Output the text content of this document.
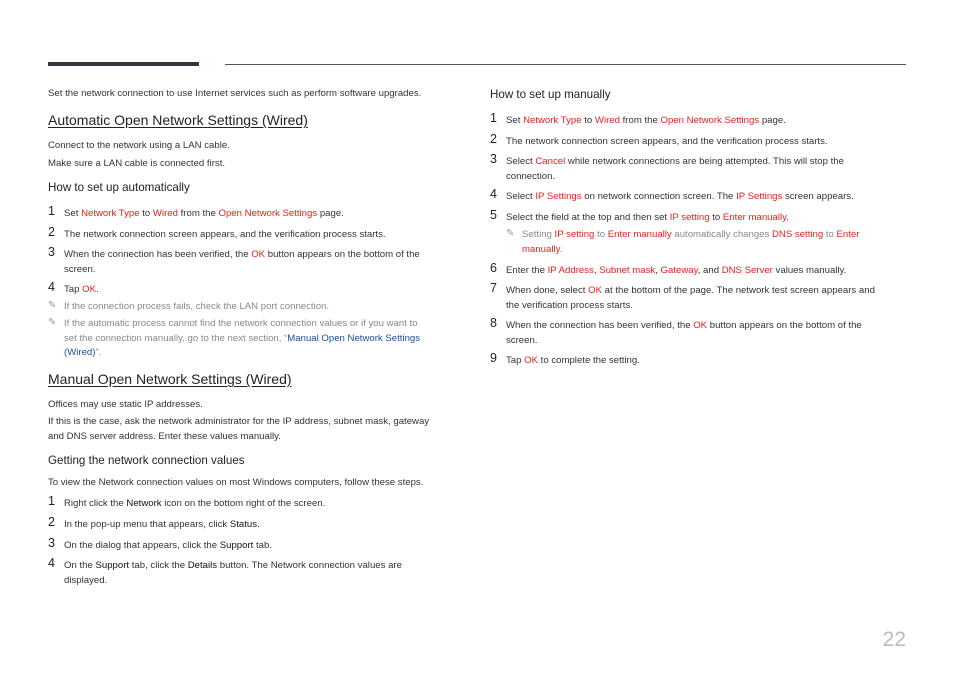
Set the network connection to use Internet services such as perform software upgrades.
Automatic Open Network Settings (Wired)
Connect to the network using a LAN cable.
Make sure a LAN cable is connected first.
How to set up automatically
1 Set Network Type to Wired from the Open Network Settings page.
2 The network connection screen appears, and the verification process starts.
3 When the connection has been verified, the OK button appears on the bottom of the
screen.
4 Tap OK.
✎ If the connection process fails, check the LAN port connection.
✎ If the automatic process cannot find the network connection values or if you want to
set the connection manually, go to the next section, “Manual Open Network Settings
(Wired)”.
Manual Open Network Settings (Wired)
Offices may use static IP addresses.
If this is the case, ask the network administrator for the IP address, subnet mask, gateway
and DNS server address. Enter these values manually.
Getting the network connection values
To view the Network connection values on most Windows computers, follow these steps.
1 Right click the Network icon on the bottom right of the screen.
2 In the pop-up menu that appears, click Status.
3 On the dialog that appears, click the Support tab.
4 On the Support tab, click the Details button. The Network connection values are
displayed.
How to set up manually
1 Set Network Type to Wired from the Open Network Settings page.
2 The network connection screen appears, and the verification process starts.
3 Select Cancel while network connections are being attempted. This will stop the
connection.
4 Select IP Settings on network connection screen. The IP Settings screen appears.
5 Select the field at the top and then set IP setting to Enter manually.
✎ Setting IP setting to Enter manually automatically changes DNS setting to Enter
manually.
6 Enter the IP Address, Subnet mask, Gateway, and DNS Server values manually.
7 When done, select OK at the bottom of the page. The network test screen appears and
the verification process starts.
8 When the connection has been verified, the OK button appears on the bottom of the
screen.
9 Tap OK to complete the setting.
22
